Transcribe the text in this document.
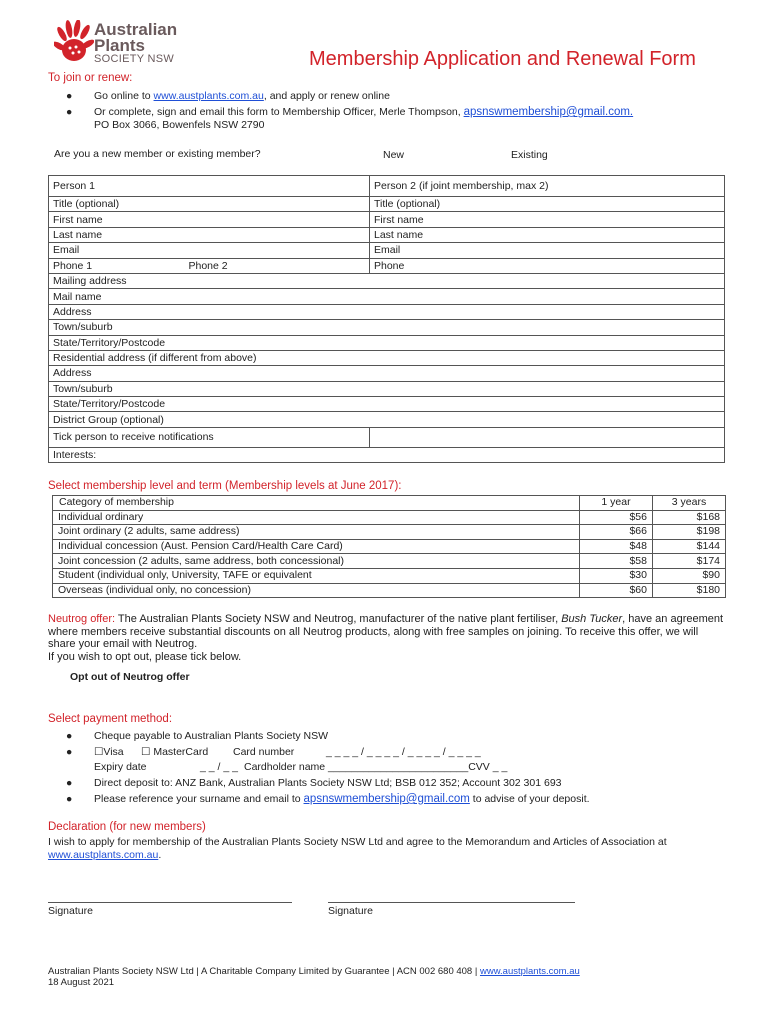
Australian
Plants
SOCIETY NSW	Membership Application and Renewal Form
To join or renew:
● Go online to www.austplants.com.au, and apply or renew online
● Or complete, sign and email this form to Membership Officer, Merle Thompson, apsnswmembership@gmail.com.
PO Box 3066, Bowenfels NSW 2790
Are you a new member or existing member?	New	Existing
Person 1	Person 2 (if joint membership, max 2)
Title (optional)	Title (optional)
First name	First name
Last name	Last name
Email	Email
Phone 1 Phone 2	Phone
Mailing address	
Mail name	
Address	
Town/suburb	
State/Territory/Postcode	
Residential address (if different from above)	
Address	
Town/suburb	
State/Territory/Postcode	
District Group (optional)	
Tick person to receive notifications	
Interests:	
Select membership level and term (Membership levels at June 2017):
Category of membership	1 year	3 years
Individual ordinary	$56	$168
Joint ordinary (2 adults, same address)	$66	$198
Individual concession (Aust. Pension Card/Health Care Card)	$48	$144
Joint concession (2 adults, same address, both concessional)	$58	$174
Student (individual only, University, TAFE or equivalent	$30	$90
Overseas (individual only, no concession)	$60	$180
Neutrog offer: The Australian Plants Society NSW and Neutrog, manufacturer of the native plant fertiliser, Bush Tucker, have an agreement where members receive substantial discounts on all Neutrog products, along with free samples on joining. To receive this offer, we will share your email with Neutrog.
If you wish to opt out, please tick below.
Opt out of Neutrog offer
Select payment method:
● Cheque payable to Australian Plants Society NSW
● ☐Visa ☐ MasterCard Card number	_ _ _ _ / _ _ _ _ / _ _ _ _ / _ _ _ _
Expiry date	_ _ / _ _ Cardholder name ________________________CVV _ _
● Direct deposit to: ANZ Bank, Australian Plants Society NSW Ltd; BSB 012 352; Account 302 301 693
● Please reference your surname and email to apsnswmembership@gmail.com to advise of your deposit.
Declaration (for new members)
I wish to apply for membership of the Australian Plants Society NSW Ltd and agree to the Memorandum and Articles of Association at www.austplants.com.au.
Signature	Signature
Australian Plants Society NSW Ltd | A Charitable Company Limited by Guarantee | ACN 002 680 408 | www.austplants.com.au
18 August 2021
